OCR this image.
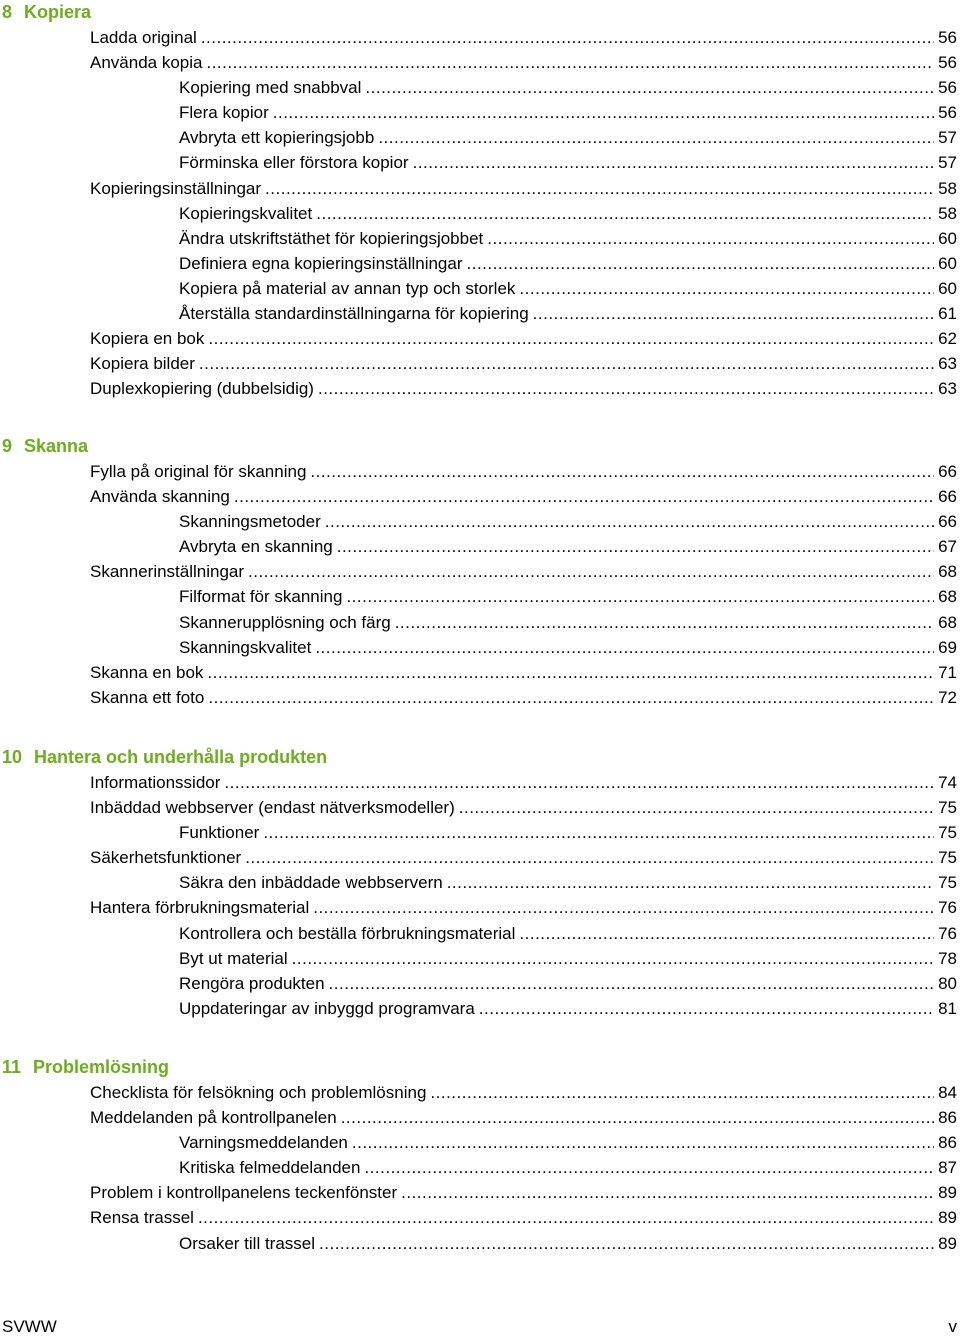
8 Kopiera
Ladda original .....	56
Använda kopia .....	56
Kopiering med snabbval .....	56
Flera kopior .....	56
Avbryta ett kopieringsjobb .....	57
Förminska eller förstora kopior .....	57
Kopieringsinställningar .....	58
Kopieringskvalitet .....	58
Ändra utskriftstäthet för kopieringsjobbet .....	60
Definiera egna kopieringsinställningar .....	60
Kopiera på material av annan typ och storlek .....	60
Återställa standardinställningarna för kopiering .....	61
Kopiera en bok .....	62
Kopiera bilder .....	63
Duplexkopiering (dubbelsidig) .....	63
9 Skanna
Fylla på original för skanning .....	66
Använda skanning .....	66
Skanningsmetoder .....	66
Avbryta en skanning .....	67
Skannerinställningar .....	68
Filformat för skanning .....	68
Skannerupplösning och färg .....	68
Skanningskvalitet .....	69
Skanna en bok .....	71
Skanna ett foto .....	72
10 Hantera och underhålla produkten
Informationssidor .....	74
Inbäddad webbserver (endast nätverksmodeller) .....	75
Funktioner .....	75
Säkerhetsfunktioner .....	75
Säkra den inbäddade webbservern .....	75
Hantera förbrukningsmaterial .....	76
Kontrollera och beställa förbrukningsmaterial .....	76
Byt ut material .....	78
Rengöra produkten .....	80
Uppdateringar av inbyggd programvara .....	81
11 Problemlösning
Checklista för felsökning och problemlösning .....	84
Meddelanden på kontrollpanelen .....	86
Varningsmeddelanden .....	86
Kritiska felmeddelanden .....	87
Problem i kontrollpanelens teckenfönster .....	89
Rensa trassel .....	89
Orsaker till trassel .....	89
SVWW	v
